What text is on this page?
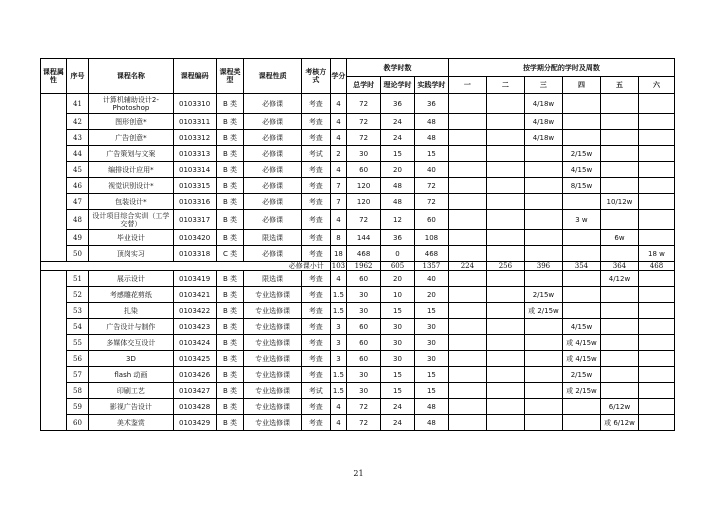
课程属性	序号	课程名称	课程编码	课程类型	课程性质	考核方式	学分	教学时数			按学期分配的学时及周数					
								总学时	理论学时	实践学时	一	二	三	四	五	六
	41	计算机辅助设计2-Photoshop	0103310	B 类	必修课	考查	4	72	36	36			4/18w			
	42	图形创意*	0103311	B 类	必修课	考查	4	72	24	48			4/18w			
	43	广告创意*	0103312	B 类	必修课	考查	4	72	24	48			4/18w			
	44	广告策划与文案	0103313	B 类	必修课	考试	2	30	15	15				2/15w		
	45	编排设计应用*	0103314	B 类	必修课	考查	4	60	20	40				4/15w		
	46	视觉识别设计*	0103315	B 类	必修课	考查	7	120	48	72				8/15w		
	47	包装设计*	0103316	B 类	必修课	考查	7	120	48	72					10/12w	
	48	设计项目综合实训（工学交替）	0103317	B 类	必修课	考查	4	72	12	60				3 w		
	49	毕业设计	0103420	B 类	限选课	考查	8	144	36	108					6w	
	50	顶岗实习	0103318	C 类	必修课	考查	18	468	0	468						18 w
必修课小计							103	1962	605	1357	224	256	396	354	364	468
	51	展示设计	0103419	B 类	限选课	考查	4	60	20	40					4/12w	
	52	考感雕花剪纸	0103421	B 类	专业选修课	考查	1.5	30	10	20			2/15w			
	53	扎染	0103422	B 类	专业选修课	考查	1.5	30	15	15			或 2/15w			
	54	广告设计与制作	0103423	B 类	专业选修课	考查	3	60	30	30				4/15w		
	55	多媒体交互设计	0103424	B 类	专业选修课	考查	3	60	30	30				或 4/15w		
	56	3D	0103425	B 类	专业选修课	考查	3	60	30	30				或 4/15w		
	57	flash 动画	0103426	B 类	专业选修课	考查	1.5	30	15	15				2/15w		
	58	印刷工艺	0103427	B 类	专业选修课	考试	1.5	30	15	15				或 2/15w		
	59	影视广告设计	0103428	B 类	专业选修课	考查	4	72	24	48					6/12w	
	60	美术鉴赏	0103429	B 类	专业选修课	考查	4	72	24	48					或 6/12w	
21
